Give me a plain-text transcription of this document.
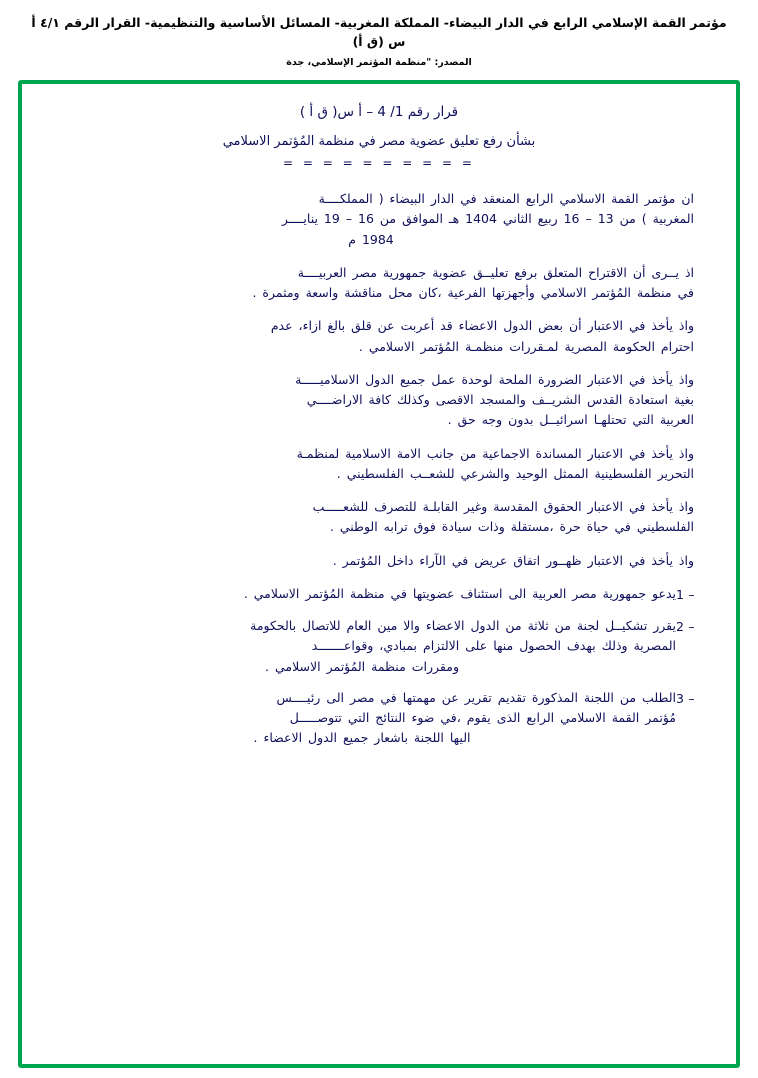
مؤتمر القمة الإسلامي الرابع في الدار البيضاء- المملكة المغربية- المسائل الأساسية والتنظيمية- القرار الرقم ٤/١ أ س (ق أ)
المصدر: "منظمة المؤتمر الإسلامي، جدة
قرار رقم 1/ 4 – أ س( ق أ )
بشأن رفع تعليق عضوية مصر في منظمة المُؤتمر الاسلامي
= = = = = = = = = =
ان مؤتمر القمة الاسلامي الرابع المنعقد في الدار البيضاء ( المملكــــة
المغربية ) من 13 – 16 ربيع الثاني 1404 هـ الموافق من 16 – 19 ينايــــر
1984 م
اذ يــرى أن الاقتراح المتعلق برفع تعليــق عضوية جمهورية مصر العربيــــة
في منظمة المُؤتمر الاسلامي وأجهزتها الفرعية ،كان محل مناقشة واسعة ومثمرة .
واذ يأخذ في الاعتبار أن بعض الدول الاعضاء قد أعربت عن قلق بالغ ازاء، عدم
احترام الحكومة المصرية لمـقررات منظمـة المُؤتمر الاسلامي .
واذ يأخذ في الاعتبار الضرورة الملحة لوحدة عمل جميع الدول الاسلاميـــــة
بغية استعادة القدس الشريــف والمسجد الاقصى وكذلك كافة الاراضــــي
العربية التي تحتلهـا اسرائيــل بدون وجه حق .
واذ يأخذ في الاعتبار المساندة الاجماعية من جانب الامة الاسلامية لمنظمـة
التحرير الفلسطينية الممثل الوحيد والشرعي للشعــب الفلسطيني .
واذ يأخذ في الاعتبار الحقوق المقدسة وغير القابلـة للتصرف للشعـــــب
الفلسطيني في حياة حرة ،مستقلة وذات سيادة فوق ترابه الوطني .
واذ يأخذ في الاعتبار ظهــور اتفاق عريض في الآراء داخل المُؤتمر .
1 –
يدعو جمهورية مصر العربية الى استئناف عضويتها في منظمة المُؤتمر الاسلامي .
2 –
يقرر تشكيــل لجنة من ثلاثة من الدول الاعضاء والا مين العام للاتصال بالحكومة
المصرية وذلك بهدف الحصول منها على الالتزام بمبادي، وقواعـــــــد
ومقررات منظمة المُؤتمر الاسلامي .
3 –
الطلب من اللجنة المذكورة تقديم تقرير عن مهمتها في مصر الى رئيــــس
مُؤتمر القمة الاسلامي الرابع الذى يقوم ،في ضوء النتائج التي تتوصـــــل
اليها اللجنة باشعار جميع الدول الاعضاء .
